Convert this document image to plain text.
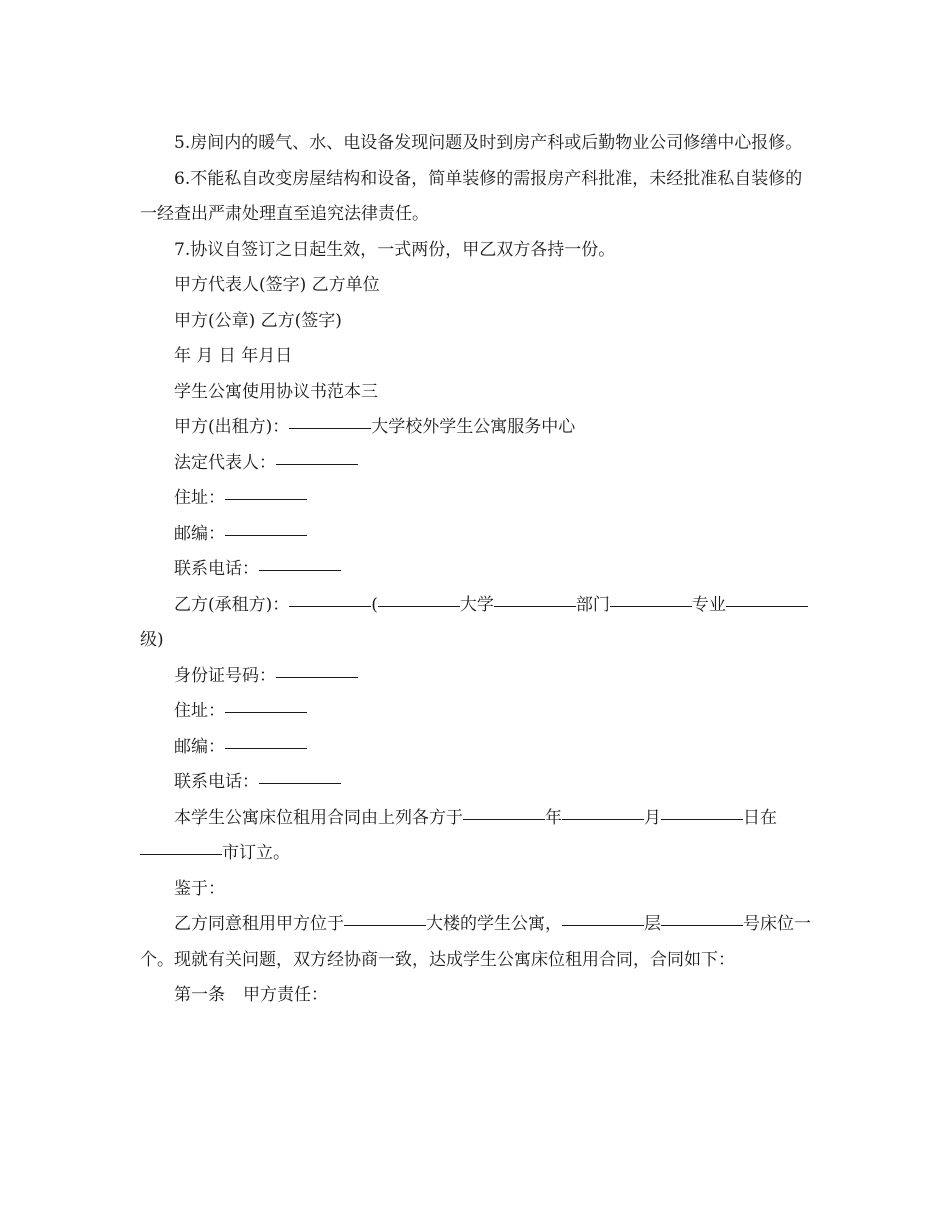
5.房间内的暖气、水、电设备发现问题及时到房产科或后勤物业公司修缮中心报修。

6.不能私自改变房屋结构和设备，简单装修的需报房产科批准，未经批准私自装修的一经查出严肃处理直至追究法律责任。

7.协议自签订之日起生效，一式两份，甲乙双方各持一份。

甲方代表人(签字) 乙方单位

甲方(公章) 乙方(签字)

年 月 日 年月日

学生公寓使用协议书范本三

甲方(出租方)：	大学校外学生公寓服务中心

法定代表人：

住址：

邮编：

联系电话：

乙方(承租方)：	(	大学	部门	专业级)

身份证号码：

住址：

邮编：

联系电话：

本学生公寓床位租用合同由上列各方于	年	月	日在市订立。

鉴于：

乙方同意租用甲方位于	大楼的学生公寓，	层	号床位一个。现就有关问题，双方经协商一致，达成学生公寓床位租用合同，合同如下：

第一条 甲方责任：
